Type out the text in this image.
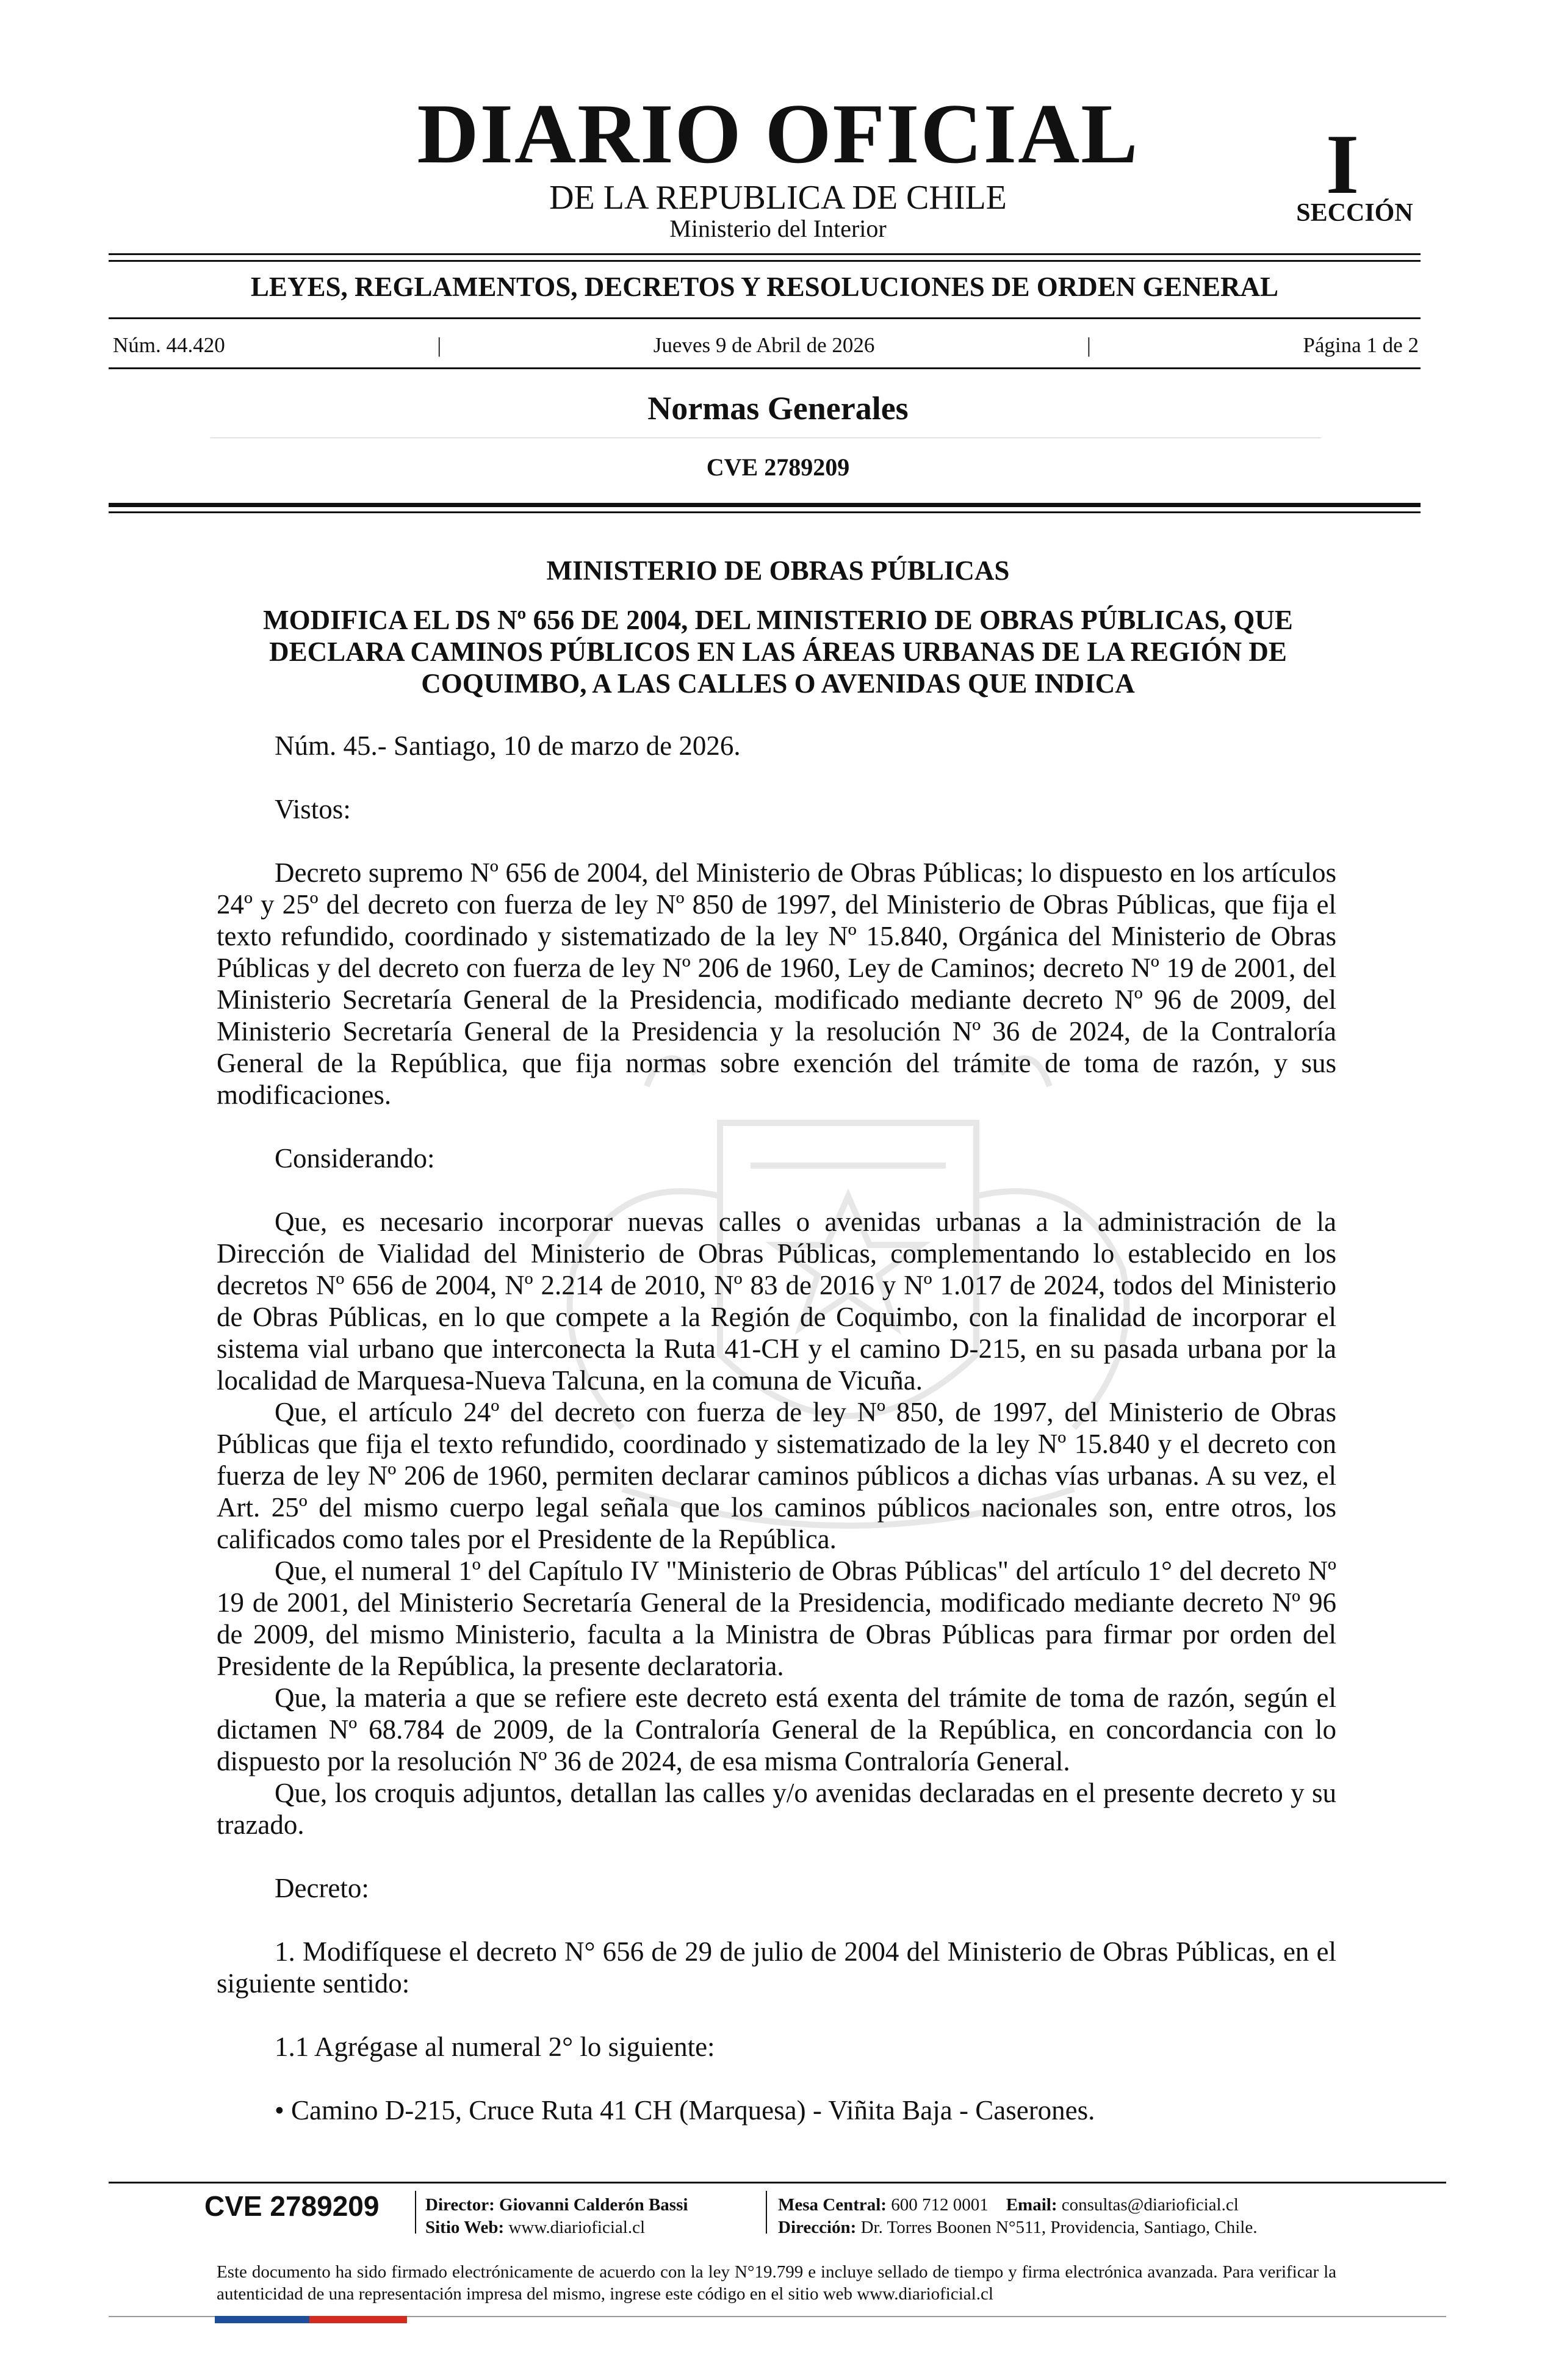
DIARIO OFICIAL
DE LA REPUBLICA DE CHILE
Ministerio del Interior
I
SECCIÓN
LEYES, REGLAMENTOS, DECRETOS Y RESOLUCIONES DE ORDEN GENERAL
Núm. 44.420	|	Jueves 9 de Abril de 2026	|	Página 1 de 2
Normas Generales
CVE 2789209
MINISTERIO DE OBRAS PÚBLICAS
MODIFICA EL DS Nº 656 DE 2004, DEL MINISTERIO DE OBRAS PÚBLICAS, QUE
DECLARA CAMINOS PÚBLICOS EN LAS ÁREAS URBANAS DE LA REGIÓN DE
COQUIMBO, A LAS CALLES O AVENIDAS QUE INDICA

Núm. 45.- Santiago, 10 de marzo de 2026.

Vistos:

Decreto supremo Nº 656 de 2004, del Ministerio de Obras Públicas; lo dispuesto en los artículos 24º y 25º del decreto con fuerza de ley Nº 850 de 1997, del Ministerio de Obras Públicas, que fija el texto refundido, coordinado y sistematizado de la ley Nº 15.840, Orgánica del Ministerio de Obras Públicas y del decreto con fuerza de ley Nº 206 de 1960, Ley de Caminos; decreto Nº 19 de 2001, del Ministerio Secretaría General de la Presidencia, modificado mediante decreto Nº 96 de 2009, del Ministerio Secretaría General de la Presidencia y la resolución Nº 36 de 2024, de la Contraloría General de la República, que fija normas sobre exención del trámite de toma de razón, y sus modificaciones.

Considerando:

Que, es necesario incorporar nuevas calles o avenidas urbanas a la administración de la Dirección de Vialidad del Ministerio de Obras Públicas, complementando lo establecido en los decretos Nº 656 de 2004, Nº 2.214 de 2010, Nº 83 de 2016 y Nº 1.017 de 2024, todos del Ministerio de Obras Públicas, en lo que compete a la Región de Coquimbo, con la finalidad de incorporar el sistema vial urbano que interconecta la Ruta 41-CH y el camino D-215, en su pasada urbana por la localidad de Marquesa-Nueva Talcuna, en la comuna de Vicuña.

Que, el artículo 24º del decreto con fuerza de ley Nº 850, de 1997, del Ministerio de Obras Públicas que fija el texto refundido, coordinado y sistematizado de la ley Nº 15.840 y el decreto con fuerza de ley Nº 206 de 1960, permiten declarar caminos públicos a dichas vías urbanas. A su vez, el Art. 25º del mismo cuerpo legal señala que los caminos públicos nacionales son, entre otros, los calificados como tales por el Presidente de la República.

Que, el numeral 1º del Capítulo IV "Ministerio de Obras Públicas" del artículo 1° del decreto Nº 19 de 2001, del Ministerio Secretaría General de la Presidencia, modificado mediante decreto Nº 96 de 2009, del mismo Ministerio, faculta a la Ministra de Obras Públicas para firmar por orden del Presidente de la República, la presente declaratoria.

Que, la materia a que se refiere este decreto está exenta del trámite de toma de razón, según el dictamen Nº 68.784 de 2009, de la Contraloría General de la República, en concordancia con lo dispuesto por la resolución Nº 36 de 2024, de esa misma Contraloría General.

Que, los croquis adjuntos, detallan las calles y/o avenidas declaradas en el presente decreto y su trazado.

Decreto:

1. Modifíquese el decreto N° 656 de 29 de julio de 2004 del Ministerio de Obras Públicas, en el siguiente sentido:

1.1 Agrégase al numeral 2° lo siguiente:

• Camino D-215, Cruce Ruta 41 CH (Marquesa) - Viñita Baja - Caserones.

CVE 2789209	Director: Giovanni Calderón Bassi
Sitio Web: www.diarioficial.cl
Mesa Central: 600 712 0001 Email: consultas@diarioficial.cl
Dirección: Dr. Torres Boonen N°511, Providencia, Santiago, Chile.
Este documento ha sido firmado electrónicamente de acuerdo con la ley N°19.799 e incluye sellado de tiempo y firma electrónica avanzada. Para verificar la autenticidad de una representación impresa del mismo, ingrese este código en el sitio web www.diarioficial.cl
